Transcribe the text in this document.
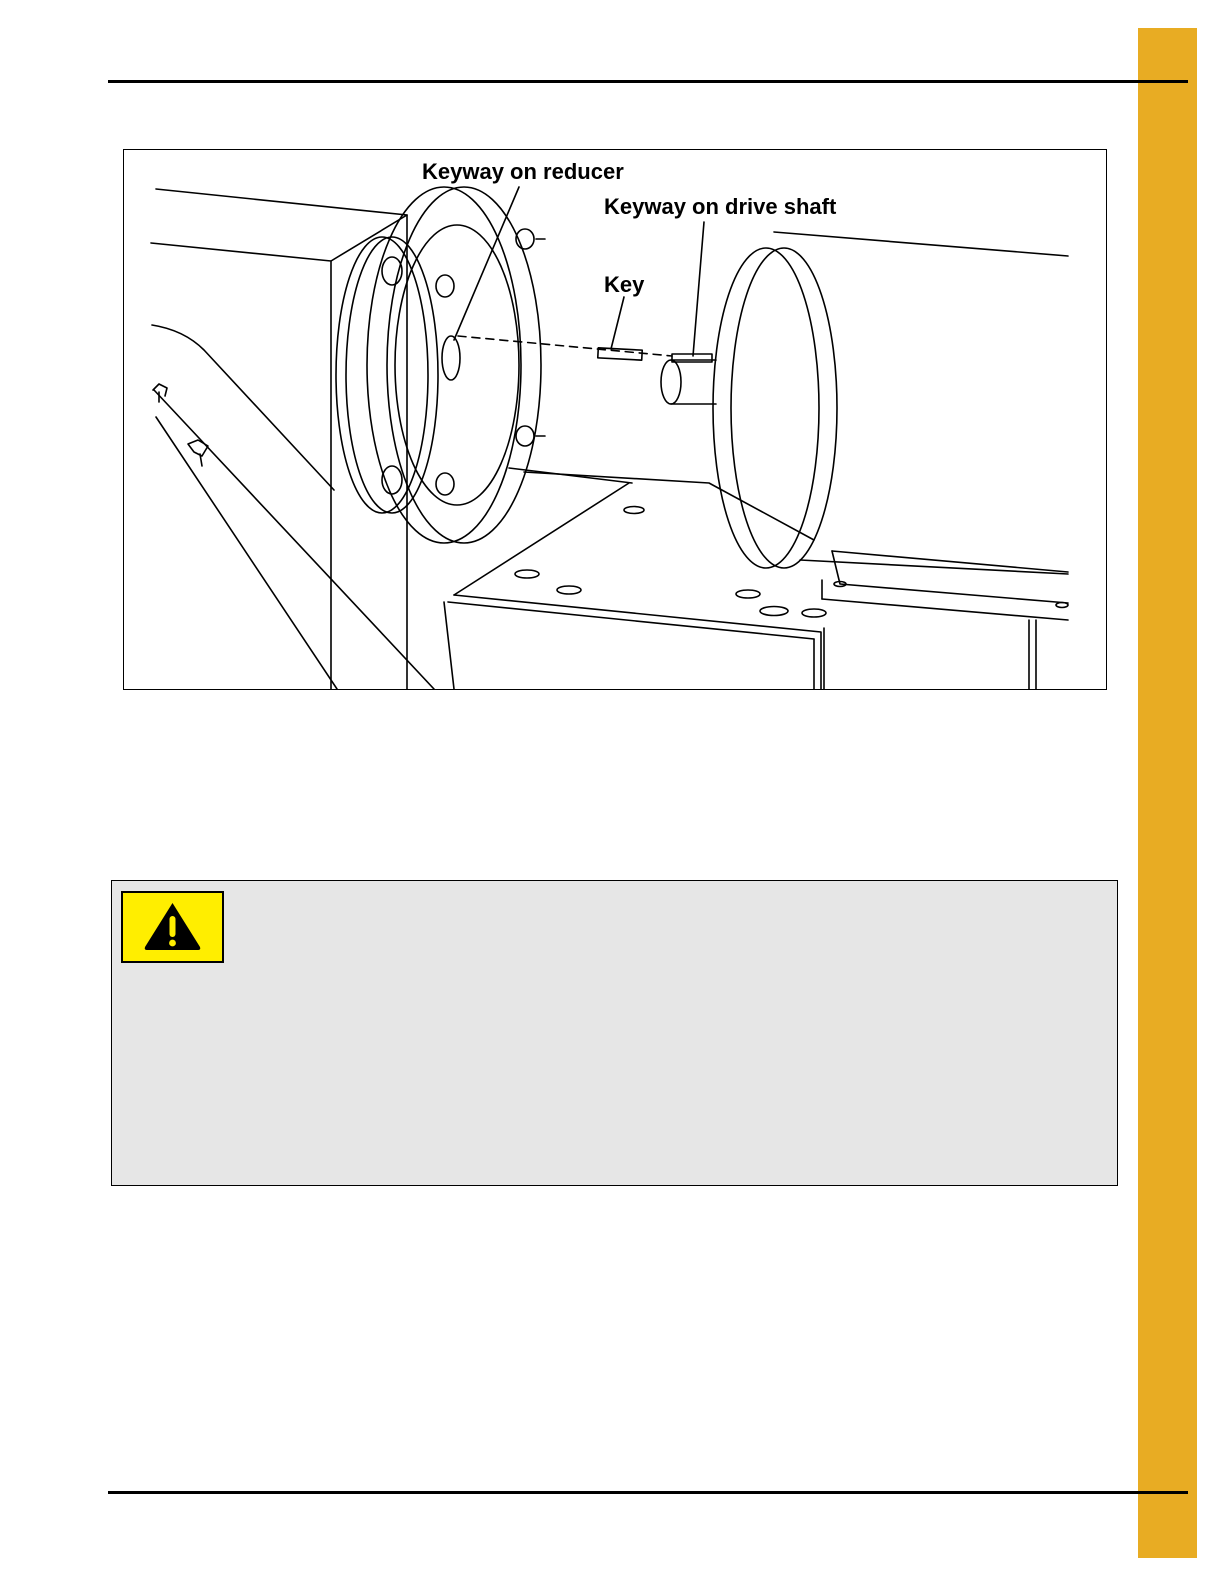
Keyway on reducer
Keyway on drive shaft
Key
